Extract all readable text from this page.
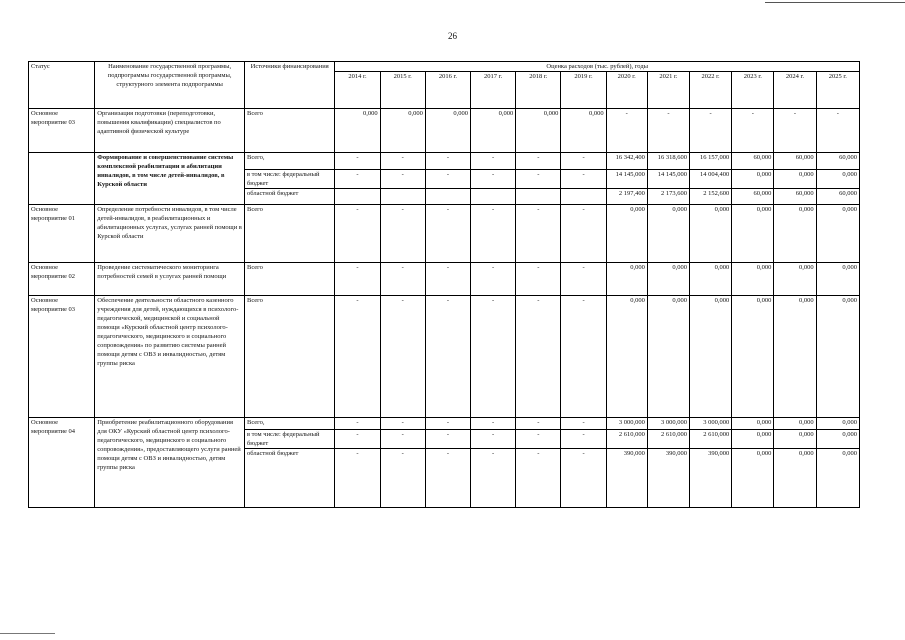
26
Статус	Наименование государственной программы, подпрограммы государственной программы, структурного элемента подпрограммы	Источники финансирования	Оценка расходов (тыс. рублей), годы											
			2014 г.	2015 г.	2016 г.	2017 г.	2018 г.	2019 г.	2020 г.	2021 г.	2022 г.	2023 г.	2024 г.	2025 г.
Основное мероприятие 03	Организация подготовки (переподготовки, повышения квалификации) специалистов по адаптивной физической культуре	Всего	0,000	0,000	0,000	0,000	0,000	0,000	-	-	-	-	-	-
	Формирование и совершенствование системы комплексной реабилитации и абилитации инвалидов, в том числе детей-инвалидов, в Курской области	Всего,	-	-	-	-	-	-	16 342,400	16 318,600	16 157,000	60,000	60,000	60,000
		в том числе: федеральный бюджет	-	-	-	-	-	-	14 145,000	14 145,000	14 004,400	0,000	0,000	0,000
		областной бюджет							2 197,400	2 173,600	2 152,600	60,000	60,000	60,000
Основное мероприятие 01	Определение потребности инвалидов, в том числе детей-инвалидов, в реабилитационных и абилитационных услугах, услугах ранней помощи в Курской области	Всего	-	-	-	-	-	-	0,000	0,000	0,000	0,000	0,000	0,000
Основное мероприятие 02	Проведение систематического мониторинга потребностей семей в услугах ранней помощи	Всего	-	-	-	-	-	-	0,000	0,000	0,000	0,000	0,000	0,000
Основное мероприятие 03	Обеспечение деятельности областного казенного учреждения для детей, нуждающихся в психолого-педагогической, медицинской и социальной помощи «Курский областной центр психолого-педагогического, медицинского и социального сопровождения» по развитию системы ранней помощи детям с ОВЗ и инвалидностью, детям группы риска	Всего	-	-	-	-	-	-	0,000	0,000	0,000	0,000	0,000	0,000
Основное мероприятие 04	Приобретение реабилитационного оборудования для ОКУ «Курский областной центр психолого-педагогического, медицинского и социального сопровождения», предоставляющего услуги ранней помощи детям с ОВЗ и инвалидностью, детям группы риска	Всего,	-	-	-	-	-	-	3 000,000	3 000,000	3 000,000	0,000	0,000	0,000
		в том числе: федеральный бюджет	-	-	-	-	-	-	2 610,000	2 610,000	2 610,000	0,000	0,000	0,000
		областной бюджет	-	-	-	-	-	-	390,000	390,000	390,000	0,000	0,000	0,000
